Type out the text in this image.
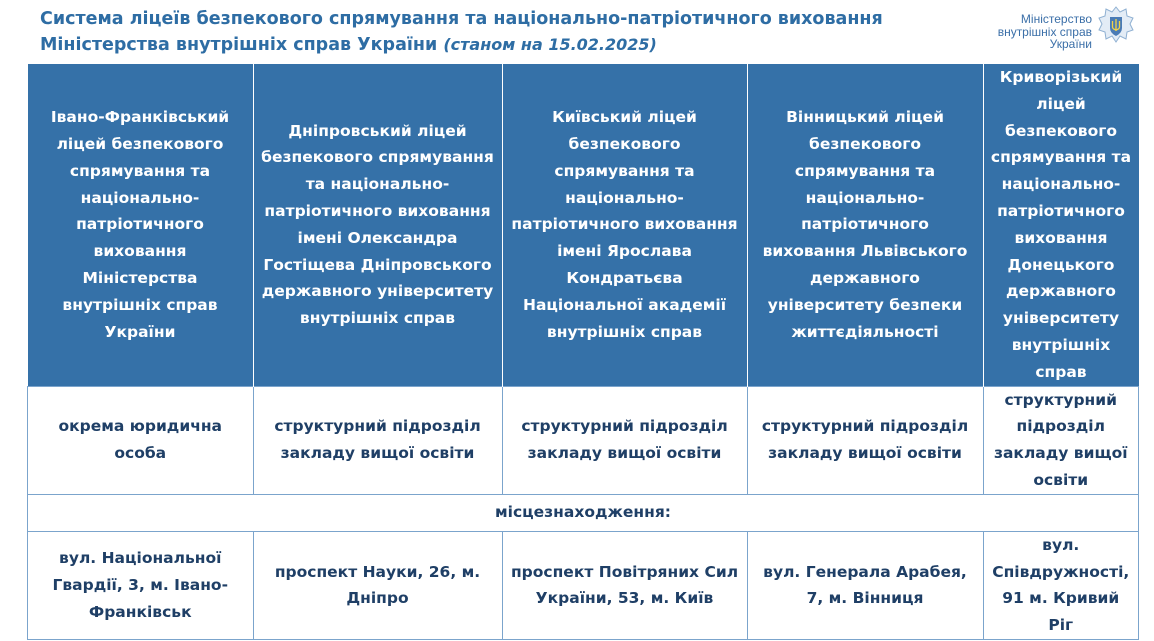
Система ліцеїв безпекового спрямування та національно-патріотичного виховання
Міністерства внутрішніх справ України (станом на 15.02.2025)
Міністерство
внутрішніх справ
України
Івано-Франківський ліцей безпекового спрямування та національно-патріотичного виховання Міністерства внутрішніх справ України	Дніпровський ліцей безпекового спрямування та національно-патріотичного виховання імені Олександра Гостіщева Дніпровського державного університету внутрішніх справ	Київський ліцей безпекового спрямування та національно-патріотичного виховання імені Ярослава Кондратьєва Національної академії внутрішніх справ	Вінницький ліцей безпекового спрямування та національно-патріотичного виховання Львівського державного університету безпеки життєдіяльності	Криворізький ліцей безпекового спрямування та національно-патріотичного виховання Донецького державного університету внутрішніх справ
окрема юридична особа	структурний підрозділ закладу вищої освіти	структурний підрозділ закладу вищої освіти	структурний підрозділ закладу вищої освіти	структурний підрозділ закладу вищої освіти
місцезнаходження:				
вул. Національної Гвардії, 3, м. Івано-Франківськ	проспект Науки, 26, м. Дніпро	проспект Повітряних Сил України, 53, м. Київ	вул. Генерала Арабея, 7, м. Вінниця	вул. Співдружності, 91 м. Кривий Ріг
